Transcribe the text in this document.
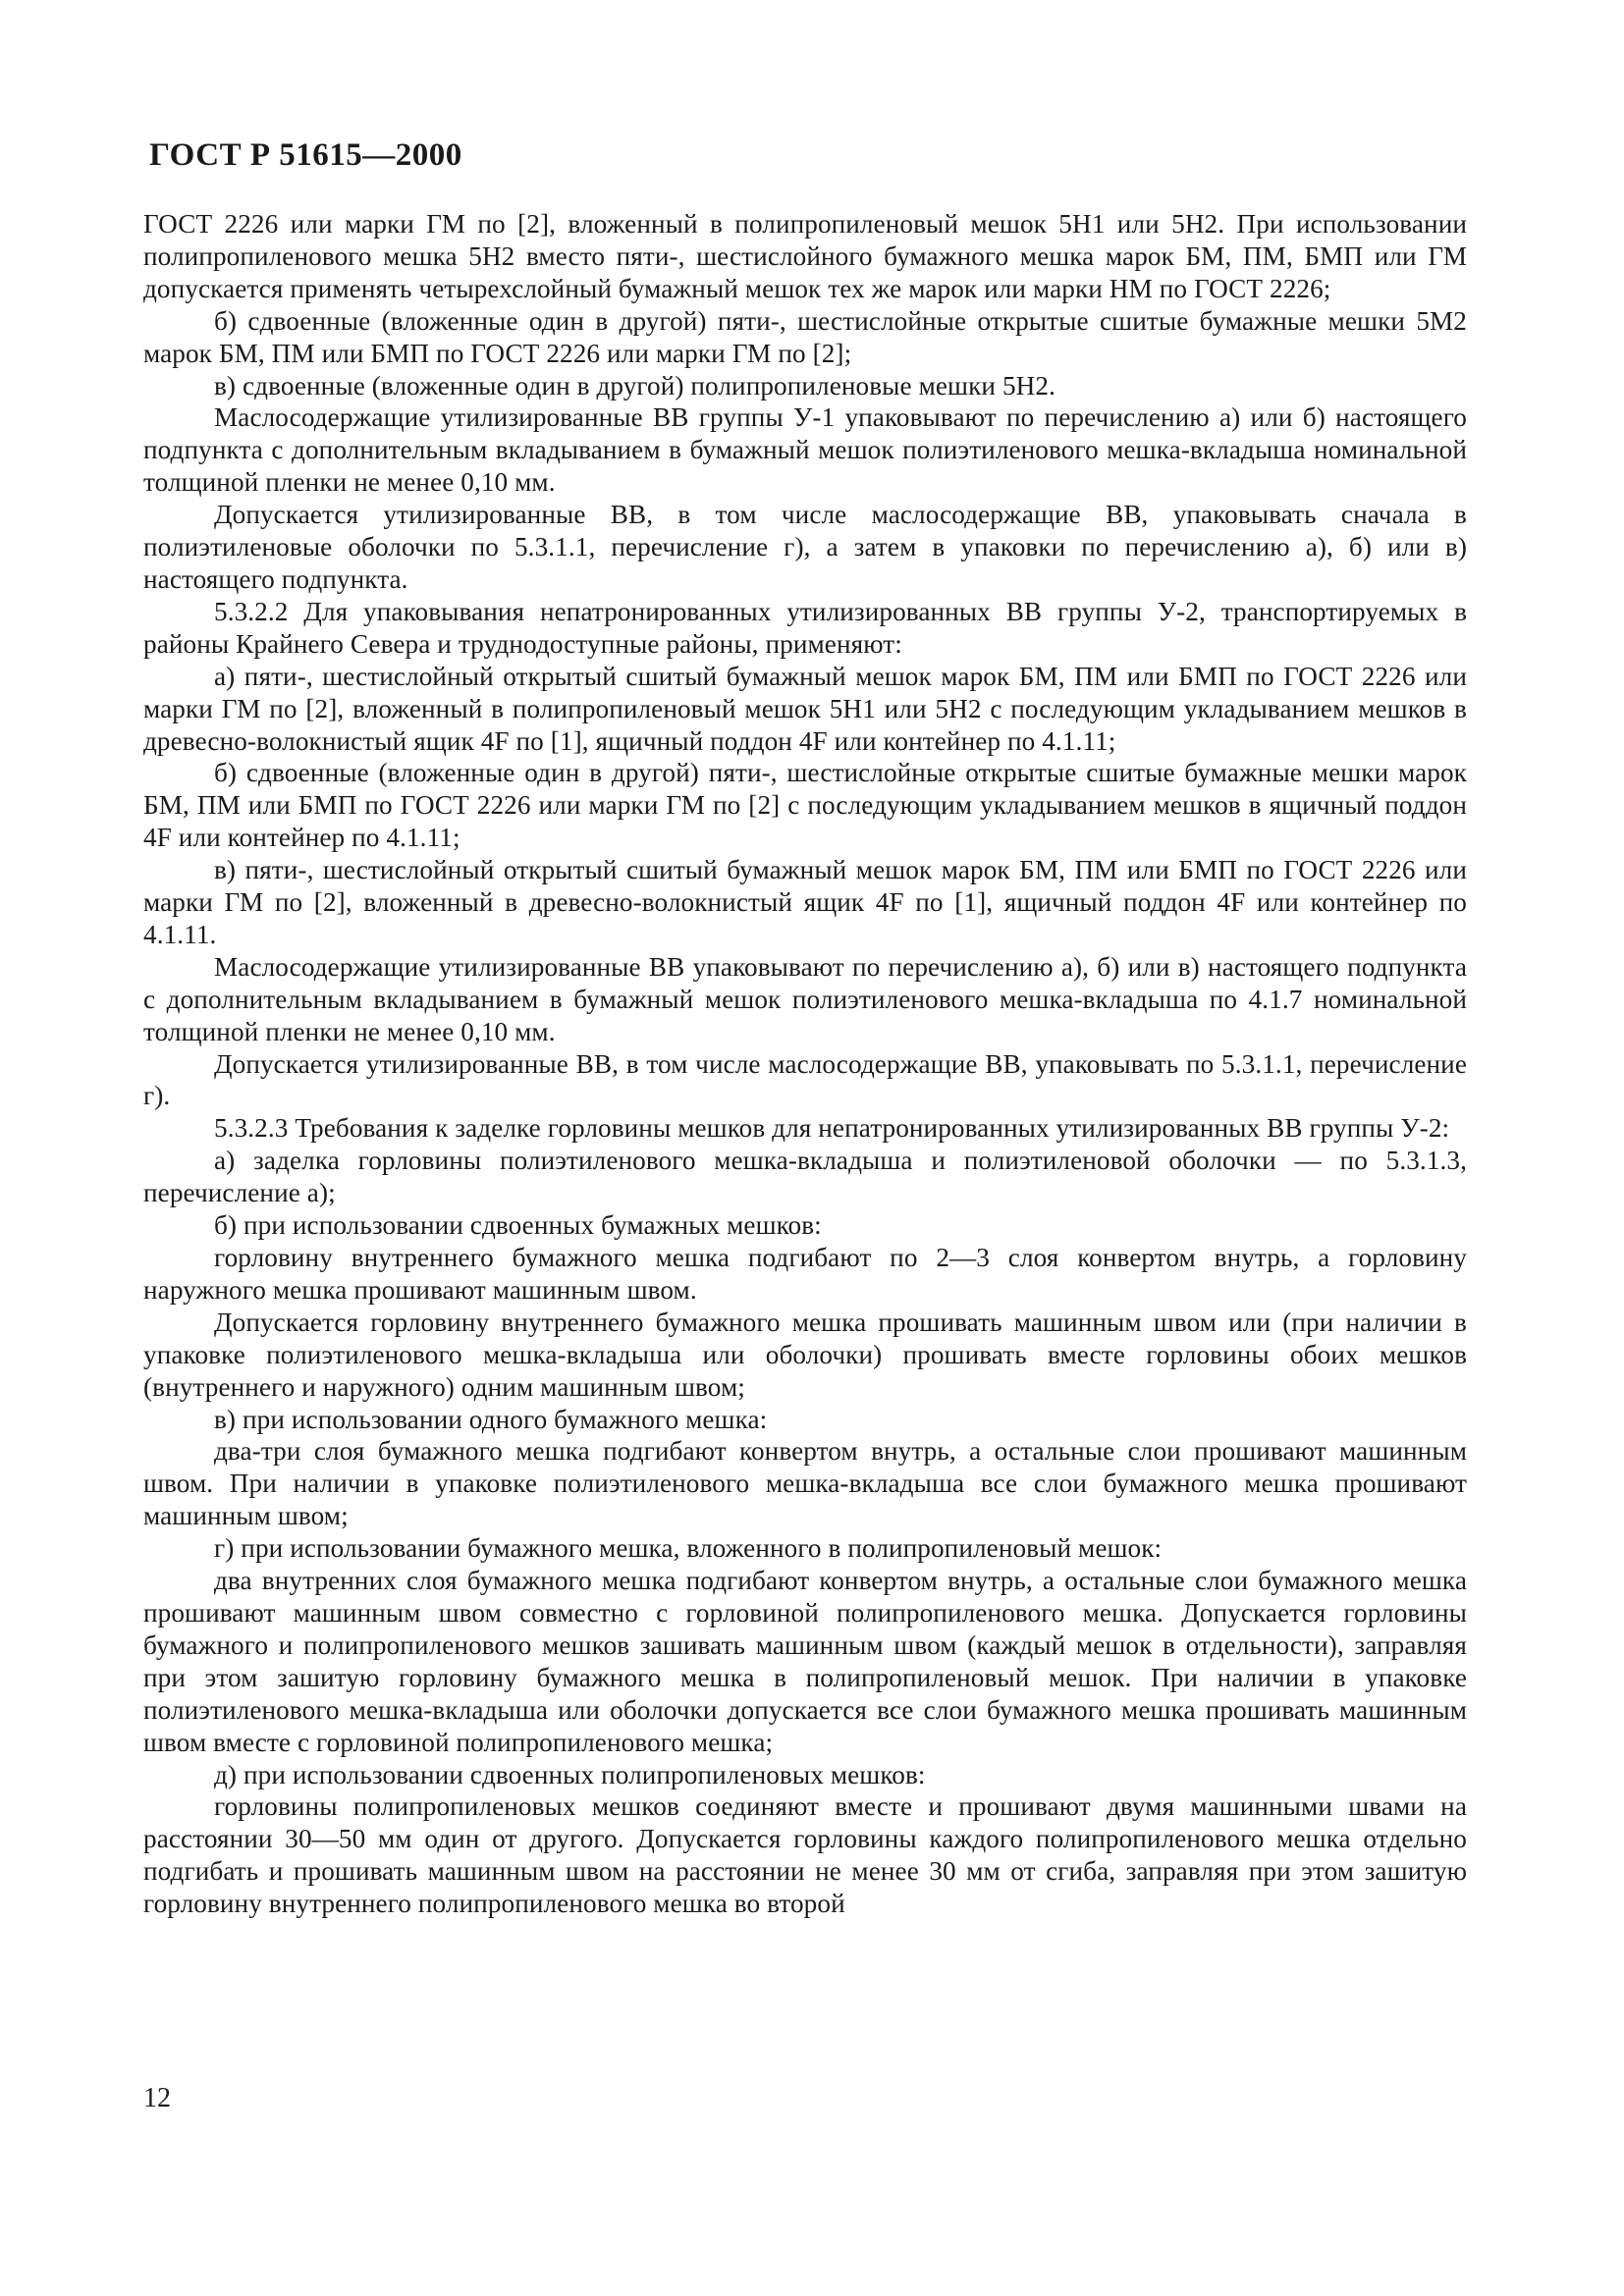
ГОСТ Р 51615—2000

ГОСТ 2226 или марки ГМ по [2], вложенный в полипропиленовый мешок 5Н1 или 5Н2. При использовании полипропиленового мешка 5Н2 вместо пяти-, шестислойного бумажного мешка марок БМ, ПМ, БМП или ГМ допускается применять четырехслойный бумажный мешок тех же марок или марки НМ по ГОСТ 2226;

б) сдвоенные (вложенные один в другой) пяти-, шестислойные открытые сшитые бумажные мешки 5М2 марок БМ, ПМ или БМП по ГОСТ 2226 или марки ГМ по [2];

в) сдвоенные (вложенные один в другой) полипропиленовые мешки 5Н2.

Маслосодержащие утилизированные ВВ группы У-1 упаковывают по перечислению а) или б) настоящего подпункта с дополнительным вкладыванием в бумажный мешок полиэтиленового мешка-вкладыша номинальной толщиной пленки не менее 0,10 мм.

Допускается утилизированные ВВ, в том числе маслосодержащие ВВ, упаковывать сначала в полиэтиленовые оболочки по 5.3.1.1, перечисление г), а затем в упаковки по перечислению а), б) или в) настоящего подпункта.

5.3.2.2 Для упаковывания непатронированных утилизированных ВВ группы У-2, транспортируемых в районы Крайнего Севера и труднодоступные районы, применяют:

а) пяти-, шестислойный открытый сшитый бумажный мешок марок БМ, ПМ или БМП по ГОСТ 2226 или марки ГМ по [2], вложенный в полипропиленовый мешок 5Н1 или 5Н2 с последующим укладыванием мешков в древесно-волокнистый ящик 4F по [1], ящичный поддон 4F или контейнер по 4.1.11;

б) сдвоенные (вложенные один в другой) пяти-, шестислойные открытые сшитые бумажные мешки марок БМ, ПМ или БМП по ГОСТ 2226 или марки ГМ по [2] с последующим укладыванием мешков в ящичный поддон 4F или контейнер по 4.1.11;

в) пяти-, шестислойный открытый сшитый бумажный мешок марок БМ, ПМ или БМП по ГОСТ 2226 или марки ГМ по [2], вложенный в древесно-волокнистый ящик 4F по [1], ящичный поддон 4F или контейнер по 4.1.11.

Маслосодержащие утилизированные ВВ упаковывают по перечислению а), б) или в) настоящего подпункта с дополнительным вкладыванием в бумажный мешок полиэтиленового мешка-вкладыша по 4.1.7 номинальной толщиной пленки не менее 0,10 мм.

Допускается утилизированные ВВ, в том числе маслосодержащие ВВ, упаковывать по 5.3.1.1, перечисление г).

5.3.2.3 Требования к заделке горловины мешков для непатронированных утилизированных ВВ группы У-2:

а) заделка горловины полиэтиленового мешка-вкладыша и полиэтиленовой оболочки — по 5.3.1.3, перечисление а);

б) при использовании сдвоенных бумажных мешков:

горловину внутреннего бумажного мешка подгибают по 2—3 слоя конвертом внутрь, а горловину наружного мешка прошивают машинным швом.

Допускается горловину внутреннего бумажного мешка прошивать машинным швом или (при наличии в упаковке полиэтиленового мешка-вкладыша или оболочки) прошивать вместе горловины обоих мешков (внутреннего и наружного) одним машинным швом;

в) при использовании одного бумажного мешка:

два-три слоя бумажного мешка подгибают конвертом внутрь, а остальные слои прошивают машинным швом. При наличии в упаковке полиэтиленового мешка-вкладыша все слои бумажного мешка прошивают машинным швом;

г) при использовании бумажного мешка, вложенного в полипропиленовый мешок:

два внутренних слоя бумажного мешка подгибают конвертом внутрь, а остальные слои бумажного мешка прошивают машинным швом совместно с горловиной полипропиленового мешка. Допускается горловины бумажного и полипропиленового мешков зашивать машинным швом (каждый мешок в отдельности), заправляя при этом зашитую горловину бумажного мешка в полипропиленовый мешок. При наличии в упаковке полиэтиленового мешка-вкладыша или оболочки допускается все слои бумажного мешка прошивать машинным швом вместе с горловиной полипропиленового мешка;

д) при использовании сдвоенных полипропиленовых мешков:

горловины полипропиленовых мешков соединяют вместе и прошивают двумя машинными швами на расстоянии 30—50 мм один от другого. Допускается горловины каждого полипропиленового мешка отдельно подгибать и прошивать машинным швом на расстоянии не менее 30 мм от сгиба, заправляя при этом зашитую горловину внутреннего полипропиленового мешка во второй

12
